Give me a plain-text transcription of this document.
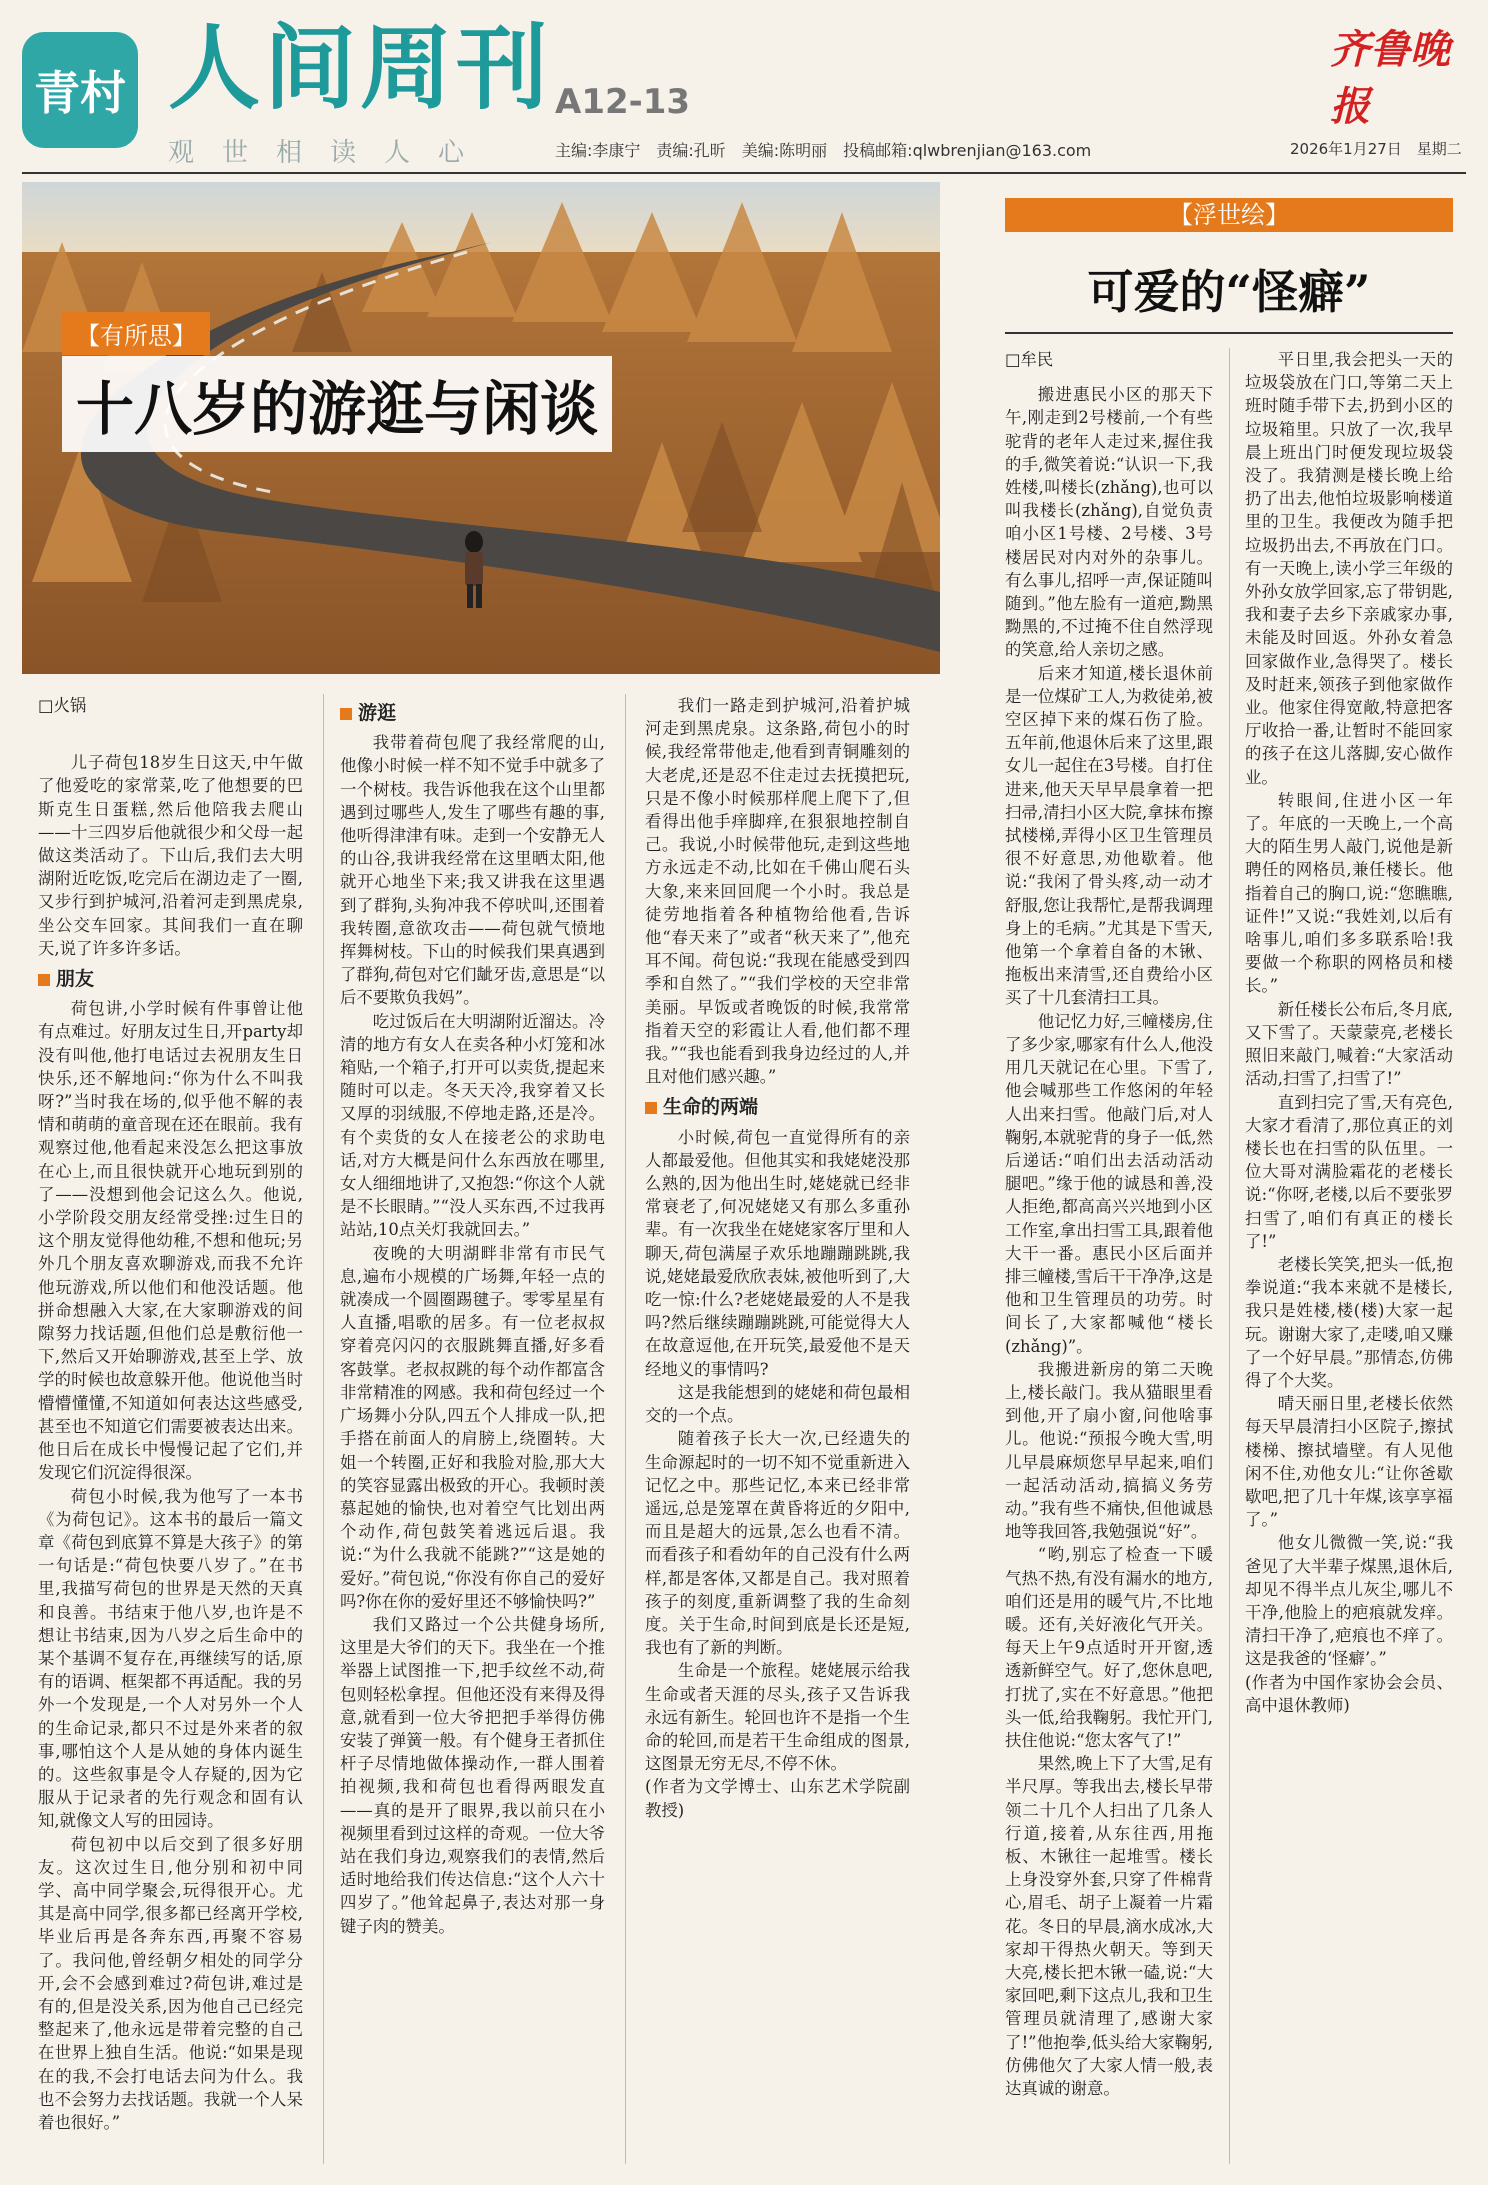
青村 人间周刊 A12-13
观世相读人心	主编:李康宁　责编:孔昕　美编:陈明丽　投稿邮箱:qlwbrenjian@163.com	2026年1月27日　星期二
齐鲁晚报
【有所思】
十八岁的游逛与闲谈
【浮世绘】
可爱的“怪癖”

□火锅

儿子荷包18岁生日这天,中午做了他爱吃的家常菜,吃了他想要的巴斯克生日蛋糕,然后他陪我去爬山——十三四岁后他就很少和父母一起做这类活动了。下山后,我们去大明湖附近吃饭,吃完后在湖边走了一圈,又步行到护城河,沿着河走到黑虎泉,坐公交车回家。其间我们一直在聊天,说了许多许多话。

朋友

荷包讲,小学时候有件事曾让他有点难过。好朋友过生日,开party却没有叫他,他打电话过去祝朋友生日快乐,还不解地问:“你为什么不叫我呀?”当时我在场的,似乎他不解的表情和萌萌的童音现在还在眼前。我有观察过他,他看起来没怎么把这事放在心上,而且很快就开心地玩到别的了——没想到他会记这么久。他说,小学阶段交朋友经常受挫:过生日的这个朋友觉得他幼稚,不想和他玩;另外几个朋友喜欢聊游戏,而我不允许他玩游戏,所以他们和他没话题。他拼命想融入大家,在大家聊游戏的间隙努力找话题,但他们总是敷衍他一下,然后又开始聊游戏,甚至上学、放学的时候也故意躲开他。他说他当时懵懵懂懂,不知道如何表达这些感受,甚至也不知道它们需要被表达出来。他日后在成长中慢慢记起了它们,并发现它们沉淀得很深。

荷包小时候,我为他写了一本书《为荷包记》。这本书的最后一篇文章《荷包到底算不算是大孩子》的第一句话是:“荷包快要八岁了。”在书里,我描写荷包的世界是天然的天真和良善。书结束于他八岁,也许是不想让书结束,因为八岁之后生命中的某个基调不复存在,再继续写的话,原有的语调、框架都不再适配。我的另外一个发现是,一个人对另外一个人的生命记录,都只不过是外来者的叙事,哪怕这个人是从她的身体内诞生的。这些叙事是令人存疑的,因为它服从于记录者的先行观念和固有认知,就像文人写的田园诗。

荷包初中以后交到了很多好朋友。这次过生日,他分别和初中同学、高中同学聚会,玩得很开心。尤其是高中同学,很多都已经离开学校,毕业后再是各奔东西,再聚不容易了。我问他,曾经朝夕相处的同学分开,会不会感到难过?荷包讲,难过是有的,但是没关系,因为他自己已经完整起来了,他永远是带着完整的自己在世界上独自生活。他说:“如果是现在的我,不会打电话去问为什么。我也不会努力去找话题。我就一个人呆着也很好。”

游逛

我带着荷包爬了我经常爬的山,他像小时候一样不知不觉手中就多了一个树枝。我告诉他我在这个山里都遇到过哪些人,发生了哪些有趣的事,他听得津津有味。走到一个安静无人的山谷,我讲我经常在这里晒太阳,他就开心地坐下来;我又讲我在这里遇到了群狗,头狗冲我不停吠叫,还围着我转圈,意欲攻击——荷包就气愤地挥舞树枝。下山的时候我们果真遇到了群狗,荷包对它们龇牙齿,意思是“以后不要欺负我妈”。

吃过饭后在大明湖附近溜达。冷清的地方有女人在卖各种小灯笼和冰箱贴,一个箱子,打开可以卖货,提起来随时可以走。冬天天冷,我穿着又长又厚的羽绒服,不停地走路,还是冷。有个卖货的女人在接老公的求助电话,对方大概是问什么东西放在哪里,女人细细地讲了,又抱怨:“你这个人就是不长眼睛。”“没人买东西,不过我再站站,10点关灯我就回去。”

夜晚的大明湖畔非常有市民气息,遍布小规模的广场舞,年轻一点的就凑成一个圆圈踢毽子。零零星星有人直播,唱歌的居多。有一位老叔叔穿着亮闪闪的衣服跳舞直播,好多看客鼓掌。老叔叔跳的每个动作都富含非常精准的网感。我和荷包经过一个广场舞小分队,四五个人排成一队,把手搭在前面人的肩膀上,绕圈转。大姐一个转圈,正好和我脸对脸,那大大的笑容显露出极致的开心。我顿时羡慕起她的愉快,也对着空气比划出两个动作,荷包鼓笑着逃远后退。我说:“为什么我就不能跳?”“这是她的爱好。”荷包说,“你没有你自己的爱好吗?你在你的爱好里还不够愉快吗?”

我们又路过一个公共健身场所,这里是大爷们的天下。我坐在一个推举器上试图推一下,把手纹丝不动,荷包则轻松拿捏。但他还没有来得及得意,就看到一位大爷把把手举得仿佛安装了弹簧一般。有个健身王者抓住杆子尽情地做体操动作,一群人围着拍视频,我和荷包也看得两眼发直——真的是开了眼界,我以前只在小视频里看到过这样的奇观。一位大爷站在我们身边,观察我们的表情,然后适时地给我们传达信息:“这个人六十四岁了。”他耸起鼻子,表达对那一身键子肉的赞美。

我们一路走到护城河,沿着护城河走到黑虎泉。这条路,荷包小的时候,我经常带他走,他看到青铜雕刻的大老虎,还是忍不住走过去抚摸把玩,只是不像小时候那样爬上爬下了,但看得出他手痒脚痒,在狠狠地控制自己。我说,小时候带他玩,走到这些地方永远走不动,比如在千佛山爬石头大象,来来回回爬一个小时。我总是徒劳地指着各种植物给他看,告诉他“春天来了”或者“秋天来了”,他充耳不闻。荷包说:“我现在能感受到四季和自然了。”“我们学校的天空非常美丽。早饭或者晚饭的时候,我常常指着天空的彩霞让人看,他们都不理我。”“我也能看到我身边经过的人,并且对他们感兴趣。”

生命的两端

小时候,荷包一直觉得所有的亲人都最爱他。但他其实和我姥姥没那么熟的,因为他出生时,姥姥就已经非常衰老了,何况姥姥又有那么多重孙辈。有一次我坐在姥姥家客厅里和人聊天,荷包满屋子欢乐地蹦蹦跳跳,我说,姥姥最爱欣欣表妹,被他听到了,大吃一惊:什么?老姥姥最爱的人不是我吗?然后继续蹦蹦跳跳,可能觉得大人在故意逗他,在开玩笑,最爱他不是天经地义的事情吗?

这是我能想到的姥姥和荷包最相交的一个点。

随着孩子长大一次,已经遗失的生命源起时的一切不知不觉重新进入记忆之中。那些记忆,本来已经非常遥远,总是笼罩在黄昏将近的夕阳中,而且是超大的远景,怎么也看不清。而看孩子和看幼年的自己没有什么两样,都是客体,又都是自己。我对照着孩子的刻度,重新调整了我的生命刻度。关于生命,时间到底是长还是短,我也有了新的判断。

生命是一个旅程。姥姥展示给我生命或者天涯的尽头,孩子又告诉我永远有新生。轮回也许不是指一个生命的轮回,而是若干生命组成的图景,这图景无穷无尽,不停不休。

(作者为文学博士、山东艺术学院副教授)

□牟民

搬进惠民小区的那天下午,刚走到2号楼前,一个有些驼背的老年人走过来,握住我的手,微笑着说:“认识一下,我姓楼,叫楼长(zhǎng),也可以叫我楼长(zhǎng),自觉负责咱小区1号楼、2号楼、3号楼居民对内对外的杂事儿。有么事儿,招呼一声,保证随叫随到。”他左脸有一道疤,黝黑黝黑的,不过掩不住自然浮现的笑意,给人亲切之感。

后来才知道,楼长退休前是一位煤矿工人,为救徒弟,被空区掉下来的煤石伤了脸。五年前,他退休后来了这里,跟女儿一起住在3号楼。自打住进来,他天天早早晨拿着一把扫帚,清扫小区大院,拿抹布擦拭楼梯,弄得小区卫生管理员很不好意思,劝他歇着。他说:“我闲了骨头疼,动一动才舒服,您让我帮忙,是帮我调理身上的毛病。”尤其是下雪天,他第一个拿着自备的木锹、拖板出来清雪,还自费给小区买了十几套清扫工具。

他记忆力好,三幢楼房,住了多少家,哪家有什么人,他没用几天就记在心里。下雪了,他会喊那些工作悠闲的年轻人出来扫雪。他敲门后,对人鞠躬,本就驼背的身子一低,然后递话:“咱们出去活动活动腿吧。”缘于他的诚恳和善,没人拒绝,都高高兴兴地到小区工作室,拿出扫雪工具,跟着他大干一番。惠民小区后面并排三幢楼,雪后干干净净,这是他和卫生管理员的功劳。时间长了,大家都喊他“楼长(zhǎng)”。

我搬进新房的第二天晚上,楼长敲门。我从猫眼里看到他,开了扇小窗,问他啥事儿。他说:“预报今晚大雪,明儿早晨麻烦您早早起来,咱们一起活动活动,搞搞义务劳动。”我有些不痛快,但他诚恳地等我回答,我勉强说“好”。

“哟,别忘了检查一下暖气热不热,有没有漏水的地方,咱们还是用的暖气片,不比地暖。还有,关好液化气开关。每天上午9点适时开开窗,透透新鲜空气。好了,您休息吧,打扰了,实在不好意思。”他把头一低,给我鞠躬。我忙开门,扶住他说:“您太客气了!”

果然,晚上下了大雪,足有半尺厚。等我出去,楼长早带领二十几个人扫出了几条人行道,接着,从东往西,用拖板、木锹往一起堆雪。楼长上身没穿外套,只穿了件棉背心,眉毛、胡子上凝着一片霜花。冬日的早晨,滴水成冰,大家却干得热火朝天。等到天大亮,楼长把木锹一磕,说:“大家回吧,剩下这点儿,我和卫生管理员就清理了,感谢大家了!”他抱拳,低头给大家鞠躬,仿佛他欠了大家人情一般,表达真诚的谢意。

平日里,我会把头一天的垃圾袋放在门口,等第二天上班时随手带下去,扔到小区的垃圾箱里。只放了一次,我早晨上班出门时便发现垃圾袋没了。我猜测是楼长晚上给扔了出去,他怕垃圾影响楼道里的卫生。我便改为随手把垃圾扔出去,不再放在门口。有一天晚上,读小学三年级的外孙女放学回家,忘了带钥匙,我和妻子去乡下亲戚家办事,未能及时回返。外孙女着急回家做作业,急得哭了。楼长及时赶来,领孩子到他家做作业。他家住得宽敞,特意把客厅收拾一番,让暂时不能回家的孩子在这儿落脚,安心做作业。

转眼间,住进小区一年了。年底的一天晚上,一个高大的陌生男人敲门,说他是新聘任的网格员,兼任楼长。他指着自己的胸口,说:“您瞧瞧,证件!”又说:“我姓刘,以后有啥事儿,咱们多多联系哈!我要做一个称职的网格员和楼长。”

新任楼长公布后,冬月底,又下雪了。天蒙蒙亮,老楼长照旧来敲门,喊着:“大家活动活动,扫雪了,扫雪了!”

直到扫完了雪,天有亮色,大家才看清了,那位真正的刘楼长也在扫雪的队伍里。一位大哥对满脸霜花的老楼长说:“你呀,老楼,以后不要张罗扫雪了,咱们有真正的楼长了!”

老楼长笑笑,把头一低,抱拳说道:“我本来就不是楼长,我只是姓楼,楼(楼)大家一起玩。谢谢大家了,走喽,咱又赚了一个好早晨。”那情态,仿佛得了个大奖。

晴天丽日里,老楼长依然每天早晨清扫小区院子,擦拭楼梯、擦拭墙壁。有人见他闲不住,劝他女儿:“让你爸歇歇吧,把了几十年煤,该享享福了。”

他女儿微微一笑,说:“我爸见了大半辈子煤黑,退休后,却见不得半点儿灰尘,哪儿不干净,他脸上的疤痕就发痒。清扫干净了,疤痕也不痒了。这是我爸的‘怪癖’。”

(作者为中国作家协会会员、高中退休教师)
